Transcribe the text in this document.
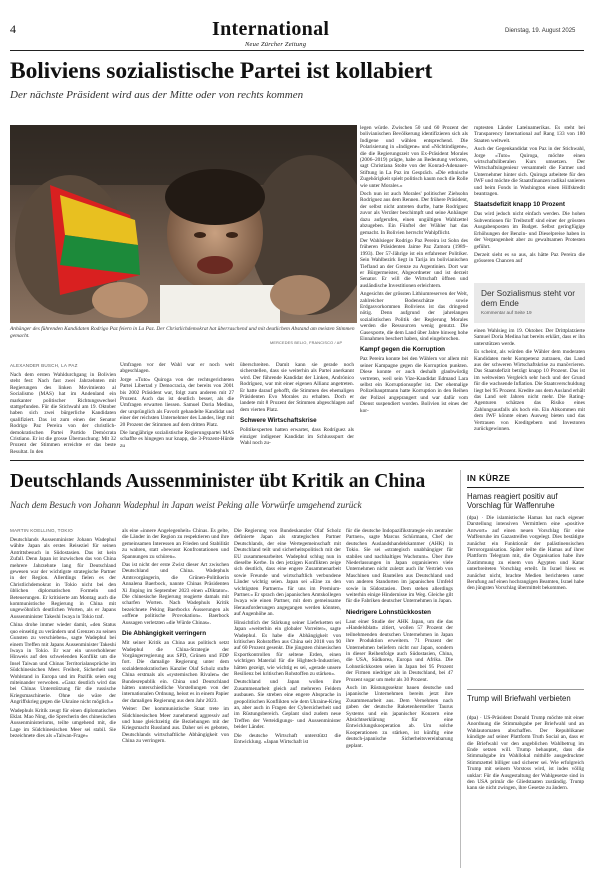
4	International
Neue Zürcher Zeitung
Dienstag, 19. August 2025
Boliviens sozialistische Partei ist kollabiert
Der nächste Präsident wird aus der Mitte oder von rechts kommen
Anhänger des führenden Kandidaten Rodrigo Paz feiern in La Paz. Der Christlichdemokrat hat überraschend und mit deutlichem Abstand am meisten Stimmen gemacht.
MERCEDES BELIO, FRANCISCO / AP
ALEXANDER BUSCH, LA PAZ

Nach dem ersten Wahldurchgang in Bolivien steht fest: Nach fast zwei Jahrzehnten mit Regierungen des linken Movimiento al Socialismo (MAS) hat im Andenland ein markanter politischer Richtungswechsel stattgefunden. Für die Stichwahl am 19. Oktober haben sich zwei bürgerliche Kandidaten qualifiziert. Das ist zum einen der Senator Rodrigo Paz Pereira von der christlich-demokratischen Partei Partido Demócrata Cristiano. Er ist die grosse Überraschung: Mit 32 Prozent der Stimmen erreichte er das beste Resultat. In den

Umfragen vor der Wahl war er noch weit abgeschlagen.

Jorge «Tuto» Quiroga von der rechtsgerichteten Partei Libertad y Democracia, der bereits von 2001 bis 2002 Präsident war, folgt zum anderen mit 27 Prozent. Auch das ist deutlich besser, als die Umfragen erwarten liessen. Samuel Doria Medina, der ursprünglich als Favorit gehandelte Kandidat und einer der reichsten Unternehmer des Landes, liegt mit 20 Prozent der Stimmen auf dem dritten Platz.

Die langjährige sozialistische Regierungspartei MAS schaffte es hingegen nur knapp, die 3-Prozent-Hürde zu

überschreiten. Damit kann sie gerade noch sicherstellen, dass sie weiterhin als Partei anerkannt wird. Der führende Kandidat der Linken, Andrónico Rodríguez, war mit einer eigenen Allianz angetreten. Er hatte darauf gehofft, die Stimmen des ehemaligen Präsidenten Evo Morales zu erhalten. Doch er landete mit 8 Prozent der Stimmen abgeschlagen auf dem vierten Platz.

Schwere Wirtschaftskrise

Politikexperten hatten erwartet, dass Rodríguez als einziger indigener Kandidat im Schlussspurt der Wahl noch zu-

legen würde. Zwischen 50 und 60 Prozent der bolivianischen Bevölkerung identifizieren sich als Indigene und wählen entsprechend. Die Polarisierung in «Indigene» und «Nichtindigene», die die Regierungszeit von Ex-Präsident Morales (2006–2019) prägte, habe an Bedeutung verloren, sagt Christiana Stolte von der Konrad-Adenauer-Stiftung in La Paz im Gespräch. «Die ethnische Zugehörigkeit spielt politisch kaum noch die Rolle wie unter Morales.»

Doch nun ist auch Morales' politischer Ziehsohn Rodríguez aus dem Rennen. Der frühere Präsident, der selbst nicht antreten durfte, hatte Rodríguez zuvor als Verräter beschimpft und seine Anhänger dazu aufgerufen, einen ungültigen Wahlzettel abzugeben. Ein Fünftel der Wähler hat das gemacht. In Bolivien herrscht Wahlpflicht.

Der Wahlsieger Rodrigo Paz Pereira ist Sohn des früheren Präsidenten Jaime Paz Zamora (1989–1993). Der 57-Jährige ist ein erfahrener Politiker. Sein Wahlbezirk liegt in Tarija im bolivianischen Tiefland an der Grenze zu Argentinien. Dort war er Bürgermeister, Abgeordneter und ist derzeit Senator. Er will die Wirtschaft öffnen und ausländische Investitionen erleichtern.

Angesichts der grössten Lithiumreserven der Welt, zahlreicher Bodenschätze sowie Erdgasvorkommen Boliviens ist das dringend nötig. Denn aufgrund der jahrelangen sozialistischen Politik der Regierung Morales werden die Ressourcen wenig genutzt. Die Gasexporte, die dem Land über Jahre hinweg hohe Einnahmen beschert haben, sind eingebrochen.

Kampf gegen die Korruption

Paz Pereira konnte bei den Wählern vor allem mit seiner Kampagne gegen die Korruption punkten. Diese konnte er auch deshalb glaubwürdig vertreten, weil sein Vize-Kandidat Edmand Lara selbst ein Korruptionsopfer ist. Der ehemalige Polizeihauptmann hatte Korruption in den Reihen der Polizei angeprangert und war dafür vom Dienst suspendiert worden. Bolivien ist eines der kor-

ruptesten Länder Lateinamerikas. Es steht bei Transparency International auf Rang 133 von 180 Staaten weltweit.

Auch der Gegenkandidat von Paz in der Stichwahl, Jorge «Tuto» Quiroga, möchte einen wirtschaftsliberalen Kurs umsetzen. Der Wirtschaftsingenieur versammelt die Farmer und Unternehmer hinter sich. Quiroga arbeitete für den IWF und möchte die Staatsfinanzen radikal sanieren und beim Fonds in Washington einen Hilfskredit beantragen.

Staatsdefizit knapp 10 Prozent

Das wird jedoch nicht einfach werden. Die hohen Subventionen für Treibstoff sind einer der grössten Ausgabenposten im Budget. Selbst geringfügige Erhöhungen der Benzin- und Dieselpreise haben in der Vergangenheit aber zu gewaltsamen Protesten geführt.

Derzeit sieht es so aus, als hätte Paz Pereira die grösseren Chancen auf

Der Sozialismus steht vor dem Ende
Kommentar auf Seite 19

einen Wahlsieg im 19. Oktober. Der Drittplatzierte Samuel Doria Medina hat bereits erklärt, dass er ihn unterstützen werde.

Es scheint, als würden die Wähler dem moderaten Kandidaten mehr Kompetenz zutrauen, das Land aus der schweren Wirtschaftskrise zu manövrieren. Das Staatsdefizit beträgt knapp 10 Prozent. Das ist im weltweiten Vergleich sehr hoch und der Grund für die wachsende Inflation. Die Staatsverschuldung liegt bei 95 Prozent. Kredite aus dem Ausland erhält das Land seit Jahren nicht mehr. Die Rating-Agenturen schätzen das Risiko eines Zahlungsausfalls als hoch ein. Ein Abkommen mit dem IWF könnte einen Ausweg bieten und das Vertrauen von Kreditgebern und Investoren zurückgewinnen.

Deutschlands Aussenminister übt Kritik an China
Nach dem Besuch von Johann Wadephul in Japan weist Peking alle Vorwürfe umgehend zurück
MARTIN KOELLING, TOKIO

Deutschlands Aussenminister Johann Wadephul wählte Japan als erstes Reiseziel für seinen Antrittsbesuch in Südostasien. Das ist kein Zufall. Denn Japan ist inzwischen das von China mehrere Jahrzehnte lang für Deutschland gewesen war der wichtigste strategische Partner in der Region. Allerdings fielen es der Christlichdemokrat in Tokio nicht bei den üblichen diplomatischen Formeln und Beteuerungen. Er kritisierte am Montag auch die kommunistische Regierung in China mit ungewöhnlich deutlichen Worten, als er Japans Aussenminister Takeshi Iwaya in Tokio traf.

China drohe immer wieder damit, «den Status quo einseitig zu verändern und Grenzen zu seinen Gunsten zu verschieben», sagte Wadephul bei einem Treffen mit Japans Aussenminister Takeshi Iwaya in Tokio. Er war ein unverhohlener Hinweis auf den schwelenden Konflikt um die Insel Taiwan und Chinas Territorialansprüche im Südchinesischen Meer. Freiheit, Sicherheit und Wohlstand in Europa und im Pazifik seien eng miteinander verwoben. «Ganz deutlich wird das bei Chinas Unterstützung für die russische Kriegsmaschinerie. Ohne sie wäre der Angriffskrieg gegen die Ukraine nicht möglich.»

Wadephuls Kritik zeugt für einen diplomatischen Eklat. Mao Ning, die Sprecherin des chinesischen Aussenministeriums, teilte umgehend mit, die Lage im Südchinesischen Meer sei stabil. Sie bezeichnete dies als «Taiwan-Frage»

als eine «innere Angelegenheit» Chinas. Es gelte, die Länder in der Region zu respektieren und ihre gemeinsamen Interessen an Frieden und Stabilität zu wahren, statt «bewusst Konfrontationen und Spannungen zu schüren».

Das ist nicht der erste Zwist dieser Art zwischen Deutschland und China. Wadephuls Amtsvorgängerin, die Grünen-Politikerin Annalena Baerbock, nannte Chinas Präsidenten Xi Jinping im September 2023 einen «Diktator». Die chinesische Regierung reagierte damals mit scharfen Worten. Nach Wadephuls Kritik bezeichnete Peking Baerbocks Äusserungen als «offene politische Provokation». Baerbock Aussagen verletzten «die Würde Chinas».

Die Abhängigkeit verringern

Mit seiner Kritik an China aus politisch setzt Wadephul die China-Strategie der Vorgängerregierung aus SPD, Grünen und FDP fort. Die damalige Regierung unter dem sozialdemokratischen Kanzler Olaf Scholz stufte China erstmals als «systemischen Rivalen» der Bundesrepublik ein. China und Deutschland hätten unterschiedliche Vorstellungen von der internationalen Ordnung, heisst es in einem Papier der damaligen Regierung aus dem Jahr 2023.

Weiter: Der kommunistische Staat trete im Südchinesischen Meer zunehmend aggressiv auf und baue gleichzeitig die Beziehungen mit der Kriegsmacht Russland aus. Daher sei es geboten, Deutschlands wirtschaftliche Abhängigkeit von China zu verringern.

Die Regierung von Bundeskanzler Olaf Scholz definierte Japan als strategischen Partner Deutschlands, der eine Wertegemeinschaft mit Deutschland teilt und sicherheitspolitisch mit der EU zusammenarbeitet. Wadephul schlug nun in dieselbe Kerbe. In den jetzigen Konflikten zeige sich deutlich, dass eine engere Zusammenarbeit sowie Freunde und wirtschaftlich verbundene Länder wichtig seien. Japan sei «Eine zu den wichtigsten Partnern» für uns im Premium-Partner.» Er sprach den japanischen Amtskollegen Iwaya wie einen Partner, mit dem gemeinsame Herausforderungen angegangen werden könnten, auf Augenhöhe an.

Hinsichtlich der Stärkung seiner Lieferketten sei Japan «weiterhin ein globaler Vorreiter», sagte Wadephul. Es habe die Abhängigkeit von kritischen Rohstoffen aus China seit 2018 von 90 auf 60 Prozent gesenkt. Die jüngsten chinesischen Exportkontrollen für seltene Erden, einen wichtigen Material für die Hightech-Industrien, hätten gezeigt, wie wichtig es sei, «gerade unsere Resilienz bei kritischen Rohstoffen zu stärken».

Deutschland und Japan wollen ihre Zusammenarbeit gleich auf mehreren Feldern ausbauen. Sie streben eine engere Absprache in geopolitischen Konflikten wie dem Ukraine-Krieg an, aber auch in Fragen der Cybersicherheit und im Rüstungsbereich. Geplant sind zudem neue Treffen der Verteidigungs- und Aussenminister beider Länder.

Die deutsche Wirtschaft unterstützt die Entwicklung. «Japan Wirtschaft ist

für die deutsche Indopazifikstrategie ein zentraler Partner», sagte Marcus Schürmann, Chef der deutschen Auslandshandelskammer (AHK) in Tokio. Sie sei «strategisch unabhängiger für stabiles und nachhaltiges Wachstum». Über ihre Niederlassungen in Japan organisieren viele Unternehmen nicht zuletzt auch ihr Vertrieb von Maschinen und Bauteilen aus Deutschland und von anderen Standorten im japanischen Umfeld sowie in Südostasien. Dem stehen allerdings weiterhin einige Hindernisse im Weg. Gleiche gilt für die Fabriken deutscher Unternehmen in Japan.

Niedrigere Lohnstückkosten

Laut einer Studie der AHK Japan, um die das «Handelsblatt» zitiert, wollen 57 Prozent der teilnehmenden deutschen Unternehmen in Japan ihre Produktion erweitern. 71 Prozent der Unternehmen beliefern nicht nur Japan, sondern in dieser Reihenfolge auch Südostasien, China, die USA, Südkorea, Europa und Afrika. Die Lohnstückkosten seien in Japan bei 95 Prozent der Firmen niedriger als in Deutschland, bei 47 Prozent sogar um mehr als 30 Prozent.

Auch im Rüstungssektor bauen deutsche und japanische Unternehmen bereits jetzt ihre Zusammenarbeit aus. Dem Vernehmen nach gaben der deutsche Raketenhersteller Taurus Systems und ein japanischer Konzern eine Absichtserklärung für eine Entwicklungskooperation ab. Um solche Kooperationen zu stärken, ist künftig eine deutsch-japanische Sicherheitsvereinbarung geplant.

IN KÜRZE
Hamas reagiert positiv auf Vorschlag für Waffenruhe

(dpa) · Die islamistische Hamas hat nach eigener Darstellung intensiven Vermittlern eine «positive Antwort» auf einen neuen Vorschlag für eine Waffenruhe im Gazastreifen vorgelegt. Dies bestätigte zunächst ein Funktionär der palästinensischen Terrororganisation. Später teilte die Hamas auf ihrer Plattform Telegram mit, die Organisation habe ihre Zustimmung zu einem von Ägypten und Katar unterbreiteten Vorschlag erteilt. In Israel hiess es zunächst nicht, brachte Medien berichteten unter Berufung auf einen hochrangigen Beamten, Israel habe den jüngsten Vorschlag übermittelt bekommen.

Trump will Briefwahl verbieten

(dpa) · US-Präsident Donald Trump möchte mit einer Anordnung die Stimmabgabe per Briefwahl und an Wahlautomaten abschaffen. Der Republikaner kündigte auf seiner Plattform Truth Social an, dass er die Briefwahl vor den angeblichen Wahlbetrug im Ende setzen will. Trump behauptet, dass die Stimmabgabe im Wahllokal mithilfe ausgedruckter Stimmzettel billiger und sicherer sei. Wie erfolgreich Trump mit seinem Vorstoss wird, ist indes völlig unklar: Für die Ausgestaltung der Wahlgesetze sind in den USA primär die Gliedstaaten zuständig. Trump kann sie nicht zwingen, ihre Gesetze zu ändern.
